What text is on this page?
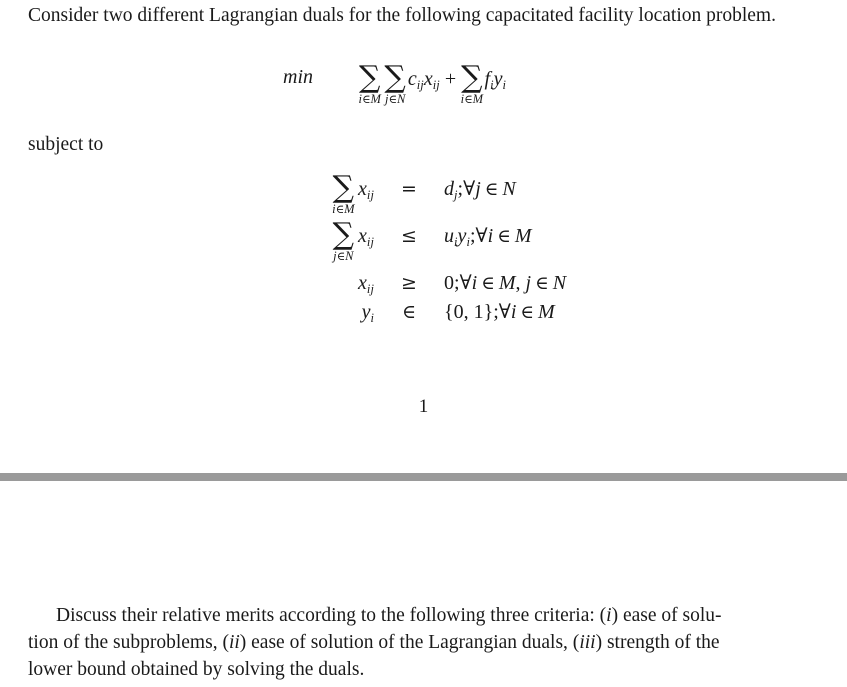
Consider two different Lagrangian duals for the following capacitated facility location problem.
min ∑
i∈M
∑
j∈N
$c_{ij}x_{ij}$ + ∑
i∈M
$f_iy_i$
subject to
∑
i∈M
$x_{ij}$	=	$d_j;\forall j$ ∈ N

∑
j∈N
$x_{ij}$	≤	$u_iy_i;\forall i$ ∈ M
$x_{ij}$	≥	0;∀i ∈ M, j ∈ N
$y_i$	∈	{0, 1};∀i ∈ M
1
Discuss their relative merits according to the following three criteria: (i) ease of solu-
tion of the subproblems, (ii) ease of solution of the Lagrangian duals, (iii) strength of the
lower bound obtained by solving the duals.
